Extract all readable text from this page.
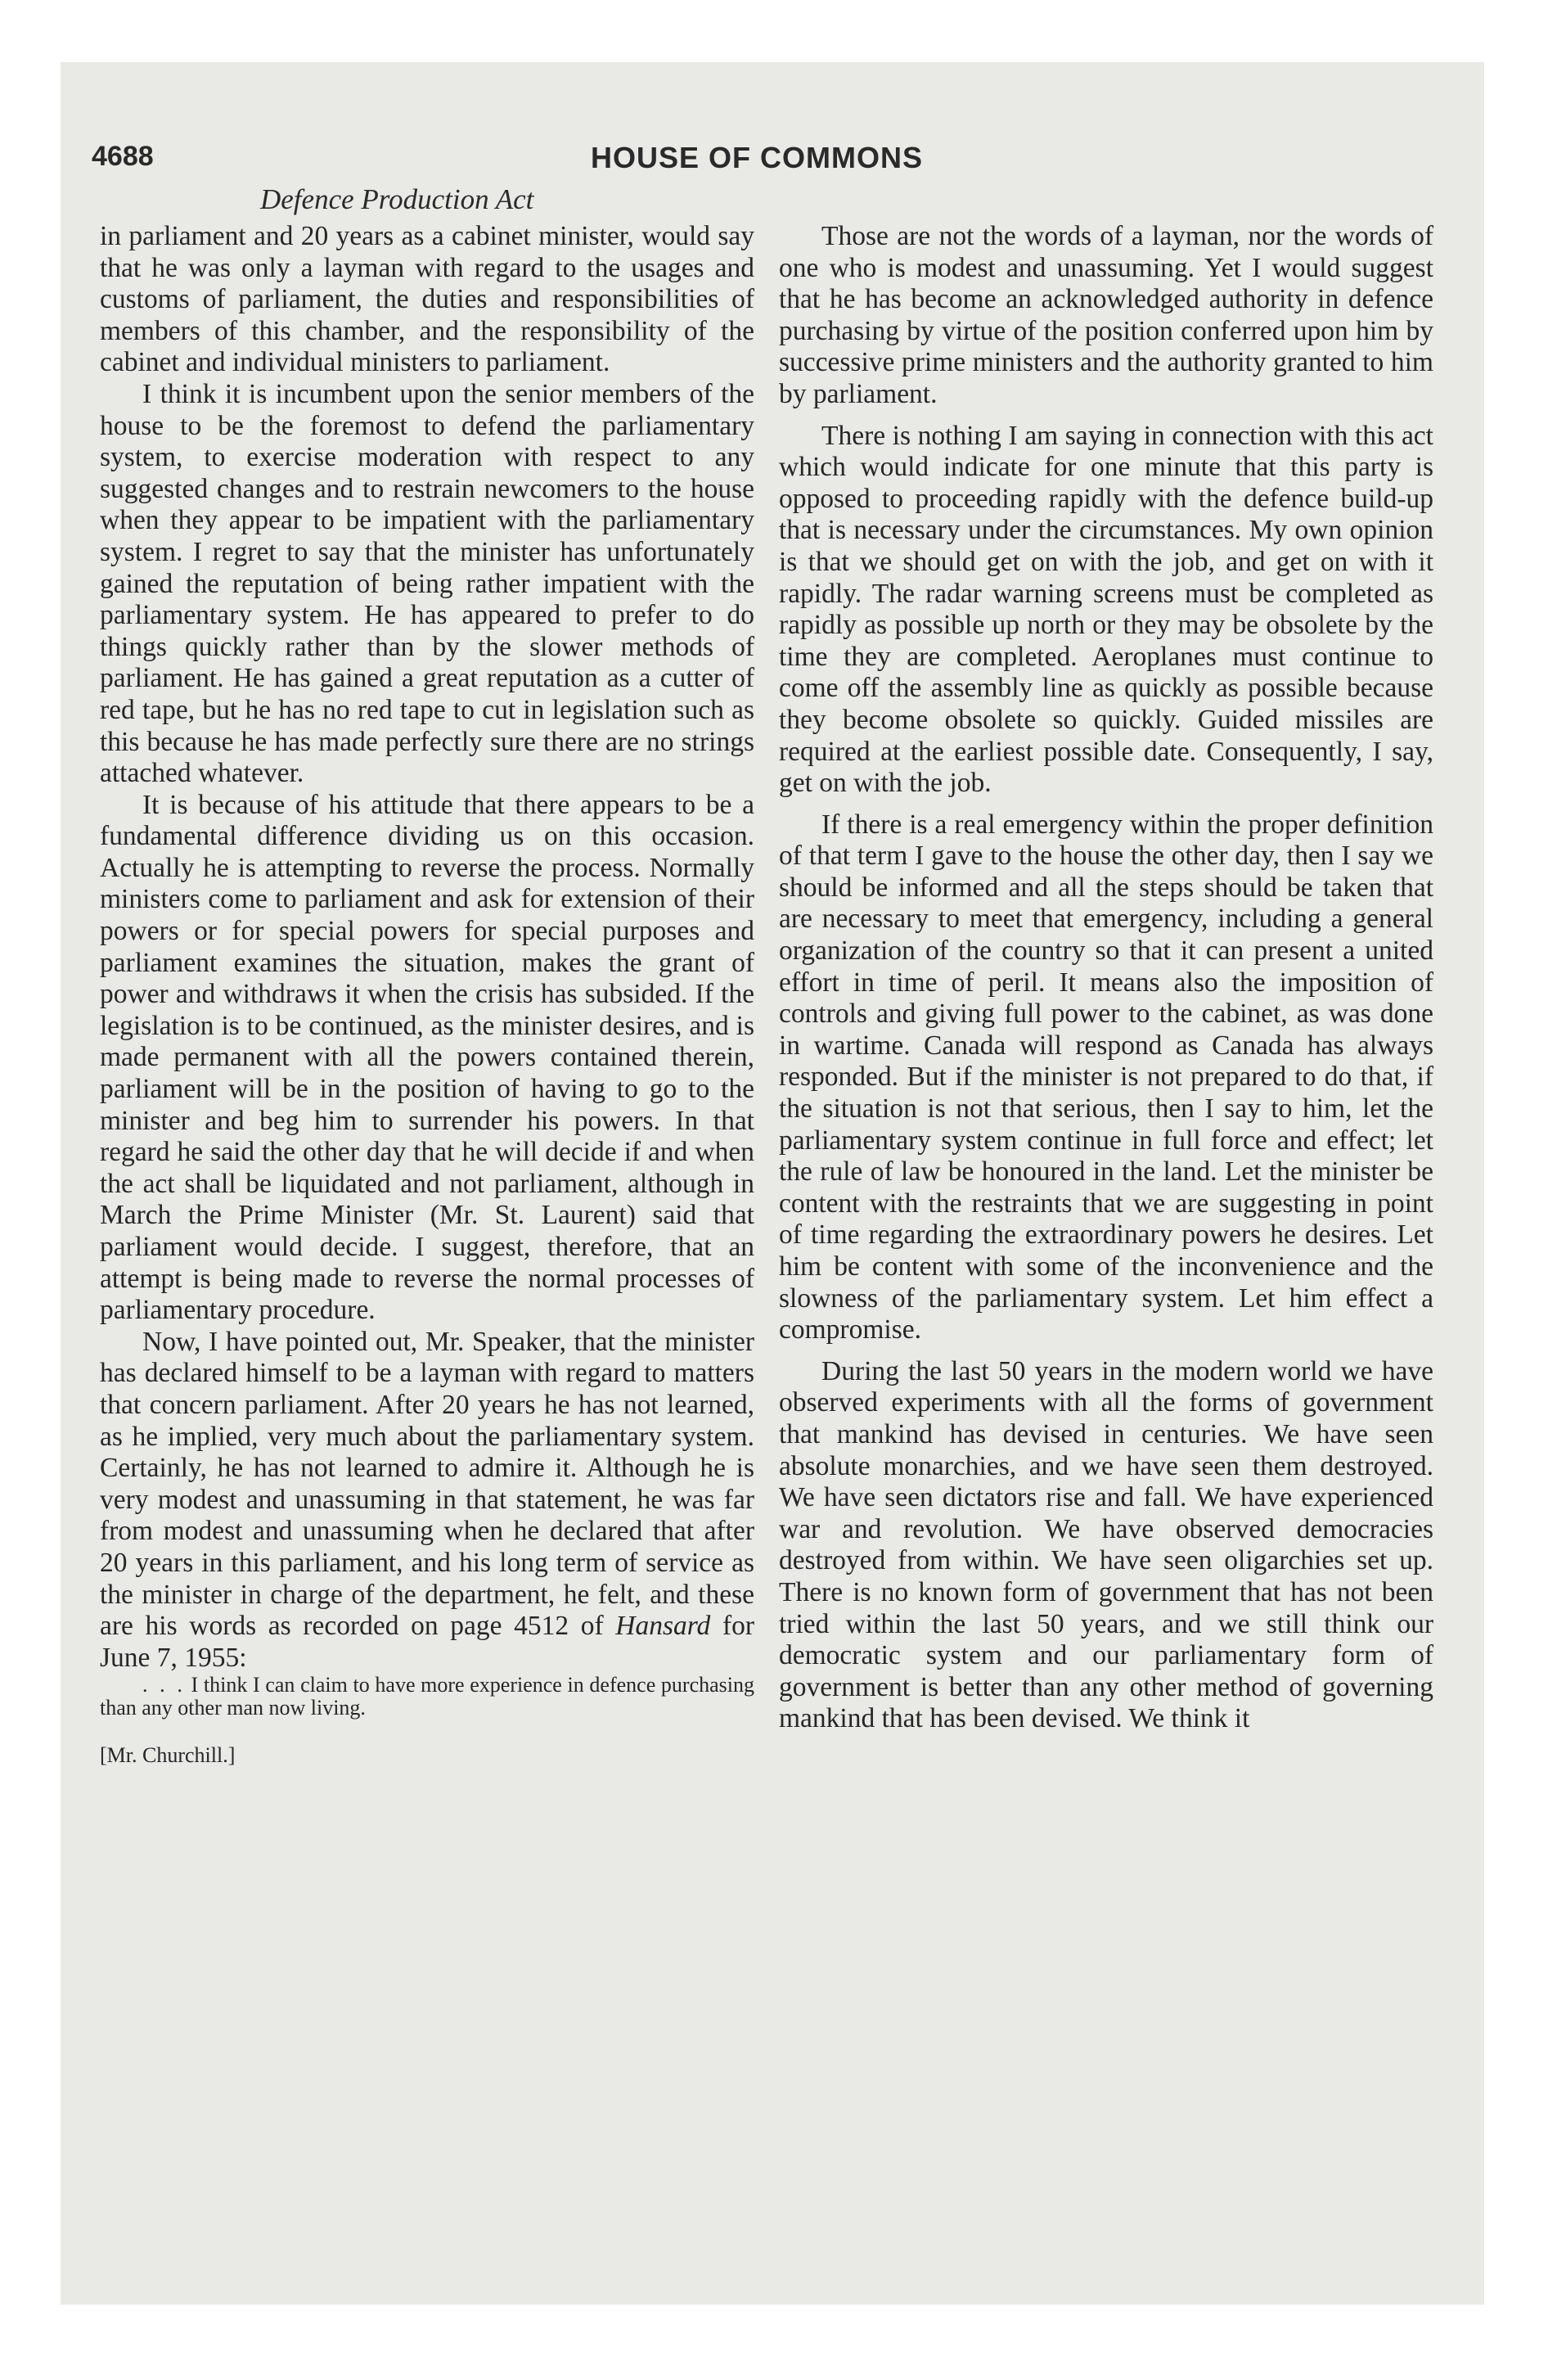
4688	HOUSE OF COMMONS
Defence Production Act

in parliament and 20 years as a cabinet minister, would say that he was only a layman with regard to the usages and customs of parliament, the duties and responsibilities of members of this chamber, and the responsibility of the cabinet and individual ministers to parliament.

I think it is incumbent upon the senior members of the house to be the foremost to defend the parliamentary system, to exercise moderation with respect to any suggested changes and to restrain newcomers to the house when they appear to be impatient with the parliamentary system. I regret to say that the minister has unfortunately gained the reputation of being rather impatient with the parliamentary system. He has appeared to prefer to do things quickly rather than by the slower methods of parliament. He has gained a great reputation as a cutter of red tape, but he has no red tape to cut in legislation such as this because he has made perfectly sure there are no strings attached whatever.

It is because of his attitude that there appears to be a fundamental difference dividing us on this occasion. Actually he is attempting to reverse the process. Normally ministers come to parliament and ask for extension of their powers or for special powers for special purposes and parliament examines the situation, makes the grant of power and withdraws it when the crisis has subsided. If the legislation is to be continued, as the minister desires, and is made permanent with all the powers contained therein, parliament will be in the position of having to go to the minister and beg him to surrender his powers. In that regard he said the other day that he will decide if and when the act shall be liquidated and not parliament, although in March the Prime Minister (Mr. St. Laurent) said that parliament would decide. I suggest, therefore, that an attempt is being made to reverse the normal processes of parliamentary procedure.

Now, I have pointed out, Mr. Speaker, that the minister has declared himself to be a layman with regard to matters that concern parliament. After 20 years he has not learned, as he implied, very much about the parliamentary system. Certainly, he has not learned to admire it. Although he is very modest and unassuming in that statement, he was far from modest and unassuming when he declared that after 20 years in this parliament, and his long term of service as the minister in charge of the department, he felt, and these are his words as recorded on page 4512 of Hansard for June 7, 1955:

. . . I think I can claim to have more experience in defence purchasing than any other man now living.

[Mr. Churchill.]

Those are not the words of a layman, nor the words of one who is modest and unassuming. Yet I would suggest that he has become an acknowledged authority in defence purchasing by virtue of the position conferred upon him by successive prime ministers and the authority granted to him by parliament.

There is nothing I am saying in connection with this act which would indicate for one minute that this party is opposed to proceeding rapidly with the defence build-up that is necessary under the circumstances. My own opinion is that we should get on with the job, and get on with it rapidly. The radar warning screens must be completed as rapidly as possible up north or they may be obsolete by the time they are completed. Aeroplanes must continue to come off the assembly line as quickly as possible because they become obsolete so quickly. Guided missiles are required at the earliest possible date. Consequently, I say, get on with the job.

If there is a real emergency within the proper definition of that term I gave to the house the other day, then I say we should be informed and all the steps should be taken that are necessary to meet that emergency, including a general organization of the country so that it can present a united effort in time of peril. It means also the imposition of controls and giving full power to the cabinet, as was done in wartime. Canada will respond as Canada has always responded. But if the minister is not prepared to do that, if the situation is not that serious, then I say to him, let the parliamentary system continue in full force and effect; let the rule of law be honoured in the land. Let the minister be content with the restraints that we are suggesting in point of time regarding the extraordinary powers he desires. Let him be content with some of the inconvenience and the slowness of the parliamentary system. Let him effect a compromise.

During the last 50 years in the modern world we have observed experiments with all the forms of government that mankind has devised in centuries. We have seen absolute monarchies, and we have seen them destroyed. We have seen dictators rise and fall. We have experienced war and revolution. We have observed democracies destroyed from within. We have seen oligarchies set up. There is no known form of government that has not been tried within the last 50 years, and we still think our democratic system and our parliamentary form of government is better than any other method of governing mankind that has been devised. We think it
